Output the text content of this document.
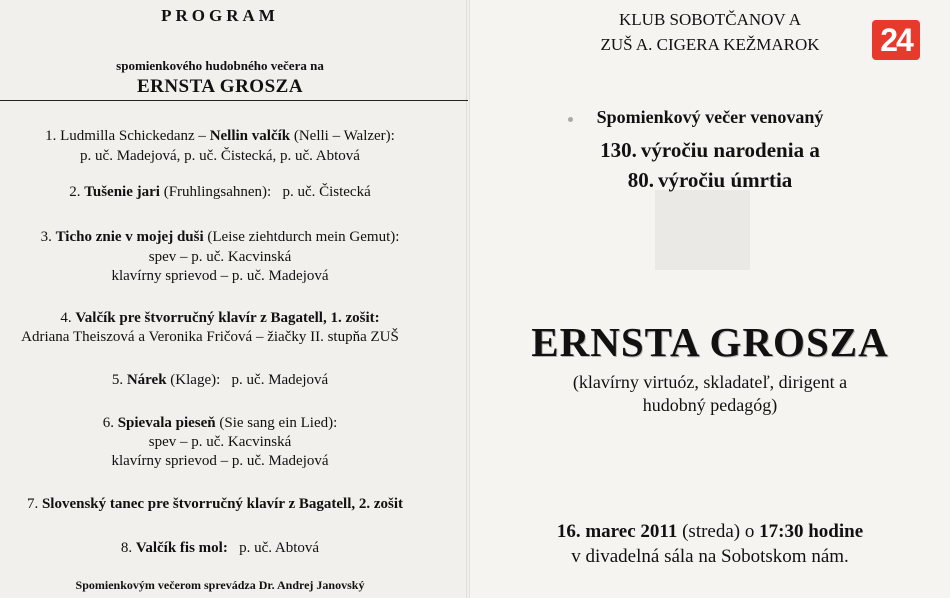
PROGRAM
spomienkového hudobného večera na
ERNSTA GROSZA
1. Ludmilla Schickedanz – Nellin valčík (Nelli – Walzer):
p. uč. Madejová, p. uč. Čistecká, p. uč. Abtová
2. Tušenie jari (Fruhlingsahnen): p. uč. Čistecká
3. Ticho znie v mojej duši (Leise ziehtdurch mein Gemut):
spev – p. uč. Kacvinská
klavírny sprievod – p. uč. Madejová
4. Valčík pre štvorručný klavír z Bagatell, 1. zošit:
Adriana Theiszová a Veronika Fričová – žiačky II. stupňa ZUŠ
5. Nárek (Klage): p. uč. Madejová
6. Spievala pieseň (Sie sang ein Lied):
spev – p. uč. Kacvinská
klavírny sprievod – p. uč. Madejová
7. Slovenský tanec pre štvorručný klavír z Bagatell, 2. zošit
8. Valčík fis mol: p. uč. Abtová
Spomienkovým večerom sprevádza Dr. Andrej Janovský
KLUB SOBOTČANOV A
ZUŠ A. CIGERA KEŽMAROK	24
Spomienkový večer venovaný
130. výročiu narodenia a
80. výročiu úmrtia
ERNSTA GROSZA
(klavírny virtuóz, skladateľ, dirigent a
hudobný pedagóg)
16. marec 2011 (streda) o 17:30 hodine
v divadelná sála na Sobotskom nám.
